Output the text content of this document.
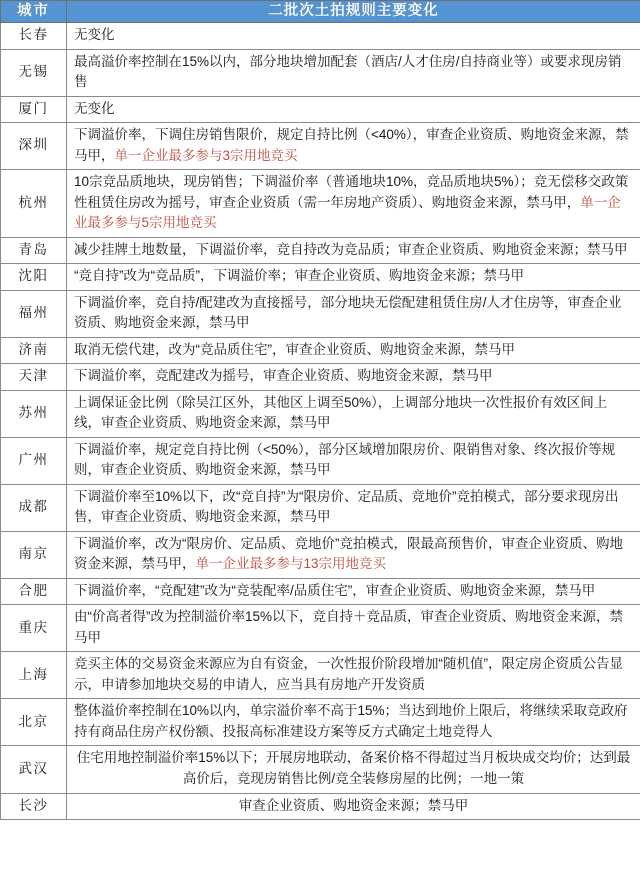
城市	二批次土拍规则主要变化
长春	无变化
无锡	最高溢价率控制在15%以内，部分地块增加配套（酒店/人才住房/自持商业等）或要求现房销售
厦门	无变化
深圳	下调溢价率，下调住房销售限价，规定自持比例（<40%），审查企业资质、购地资金来源，禁马甲，单一企业最多参与3宗用地竞买
杭州	10宗竞品质地块，现房销售；下调溢价率（普通地块10%，竞品质地块5%）；竞无偿移交政策性租赁住房改为摇号，审查企业资质（需一年房地产资质）、购地资金来源，禁马甲，单一企业最多参与5宗用地竞买
青岛	减少挂牌土地数量，下调溢价率，竞自持改为竞品质；审查企业资质、购地资金来源；禁马甲
沈阳	“竞自持”改为“竞品质”，下调溢价率；审查企业资质、购地资金来源；禁马甲
福州	下调溢价率，竞自持/配建改为直接摇号，部分地块无偿配建租赁住房/人才住房等，审查企业资质、购地资金来源，禁马甲
济南	取消无偿代建，改为“竞品质住宅”，审查企业资质、购地资金来源，禁马甲
天津	下调溢价率，竞配建改为摇号，审查企业资质、购地资金来源，禁马甲
苏州	上调保证金比例（除吴江区外，其他区上调至50%），上调部分地块一次性报价有效区间上线，审查企业资质、购地资金来源，禁马甲
广州	下调溢价率，规定竞自持比例（<50%），部分区域增加限房价、限销售对象、终次报价等规则，审查企业资质、购地资金来源，禁马甲
成都	下调溢价率至10%以下，改“竞自持”为“限房价、定品质、竞地价”竞拍模式，部分要求现房出售，审查企业资质、购地资金来源，禁马甲
南京	下调溢价率，改为“限房价、定品质、竞地价”竞拍模式，限最高预售价，审查企业资质、购地资金来源，禁马甲，单一企业最多参与13宗用地竞买
合肥	下调溢价率，“竞配建”改为“竞装配率/品质住宅”，审查企业资质、购地资金来源，禁马甲
重庆	由“价高者得”改为控制溢价率15%以下，竞自持＋竞品质，审查企业资质、购地资金来源，禁马甲
上海	竞买主体的交易资金来源应为自有资金，一次性报价阶段增加“随机值”，限定房企资质公告显示，申请参加地块交易的申请人，应当具有房地产开发资质
北京	整体溢价率控制在10%以内，单宗溢价率不高于15%；当达到地价上限后，将继续采取竞政府持有商品住房产权份额、投报高标准建设方案等反方式确定土地竞得人
武汉	住宅用地控制溢价率15%以下；开展房地联动，备案价格不得超过当月板块成交均价；达到最高价后，竞现房销售比例/竞全装修房屋的比例；一地一策
长沙	审查企业资质、购地资金来源；禁马甲
